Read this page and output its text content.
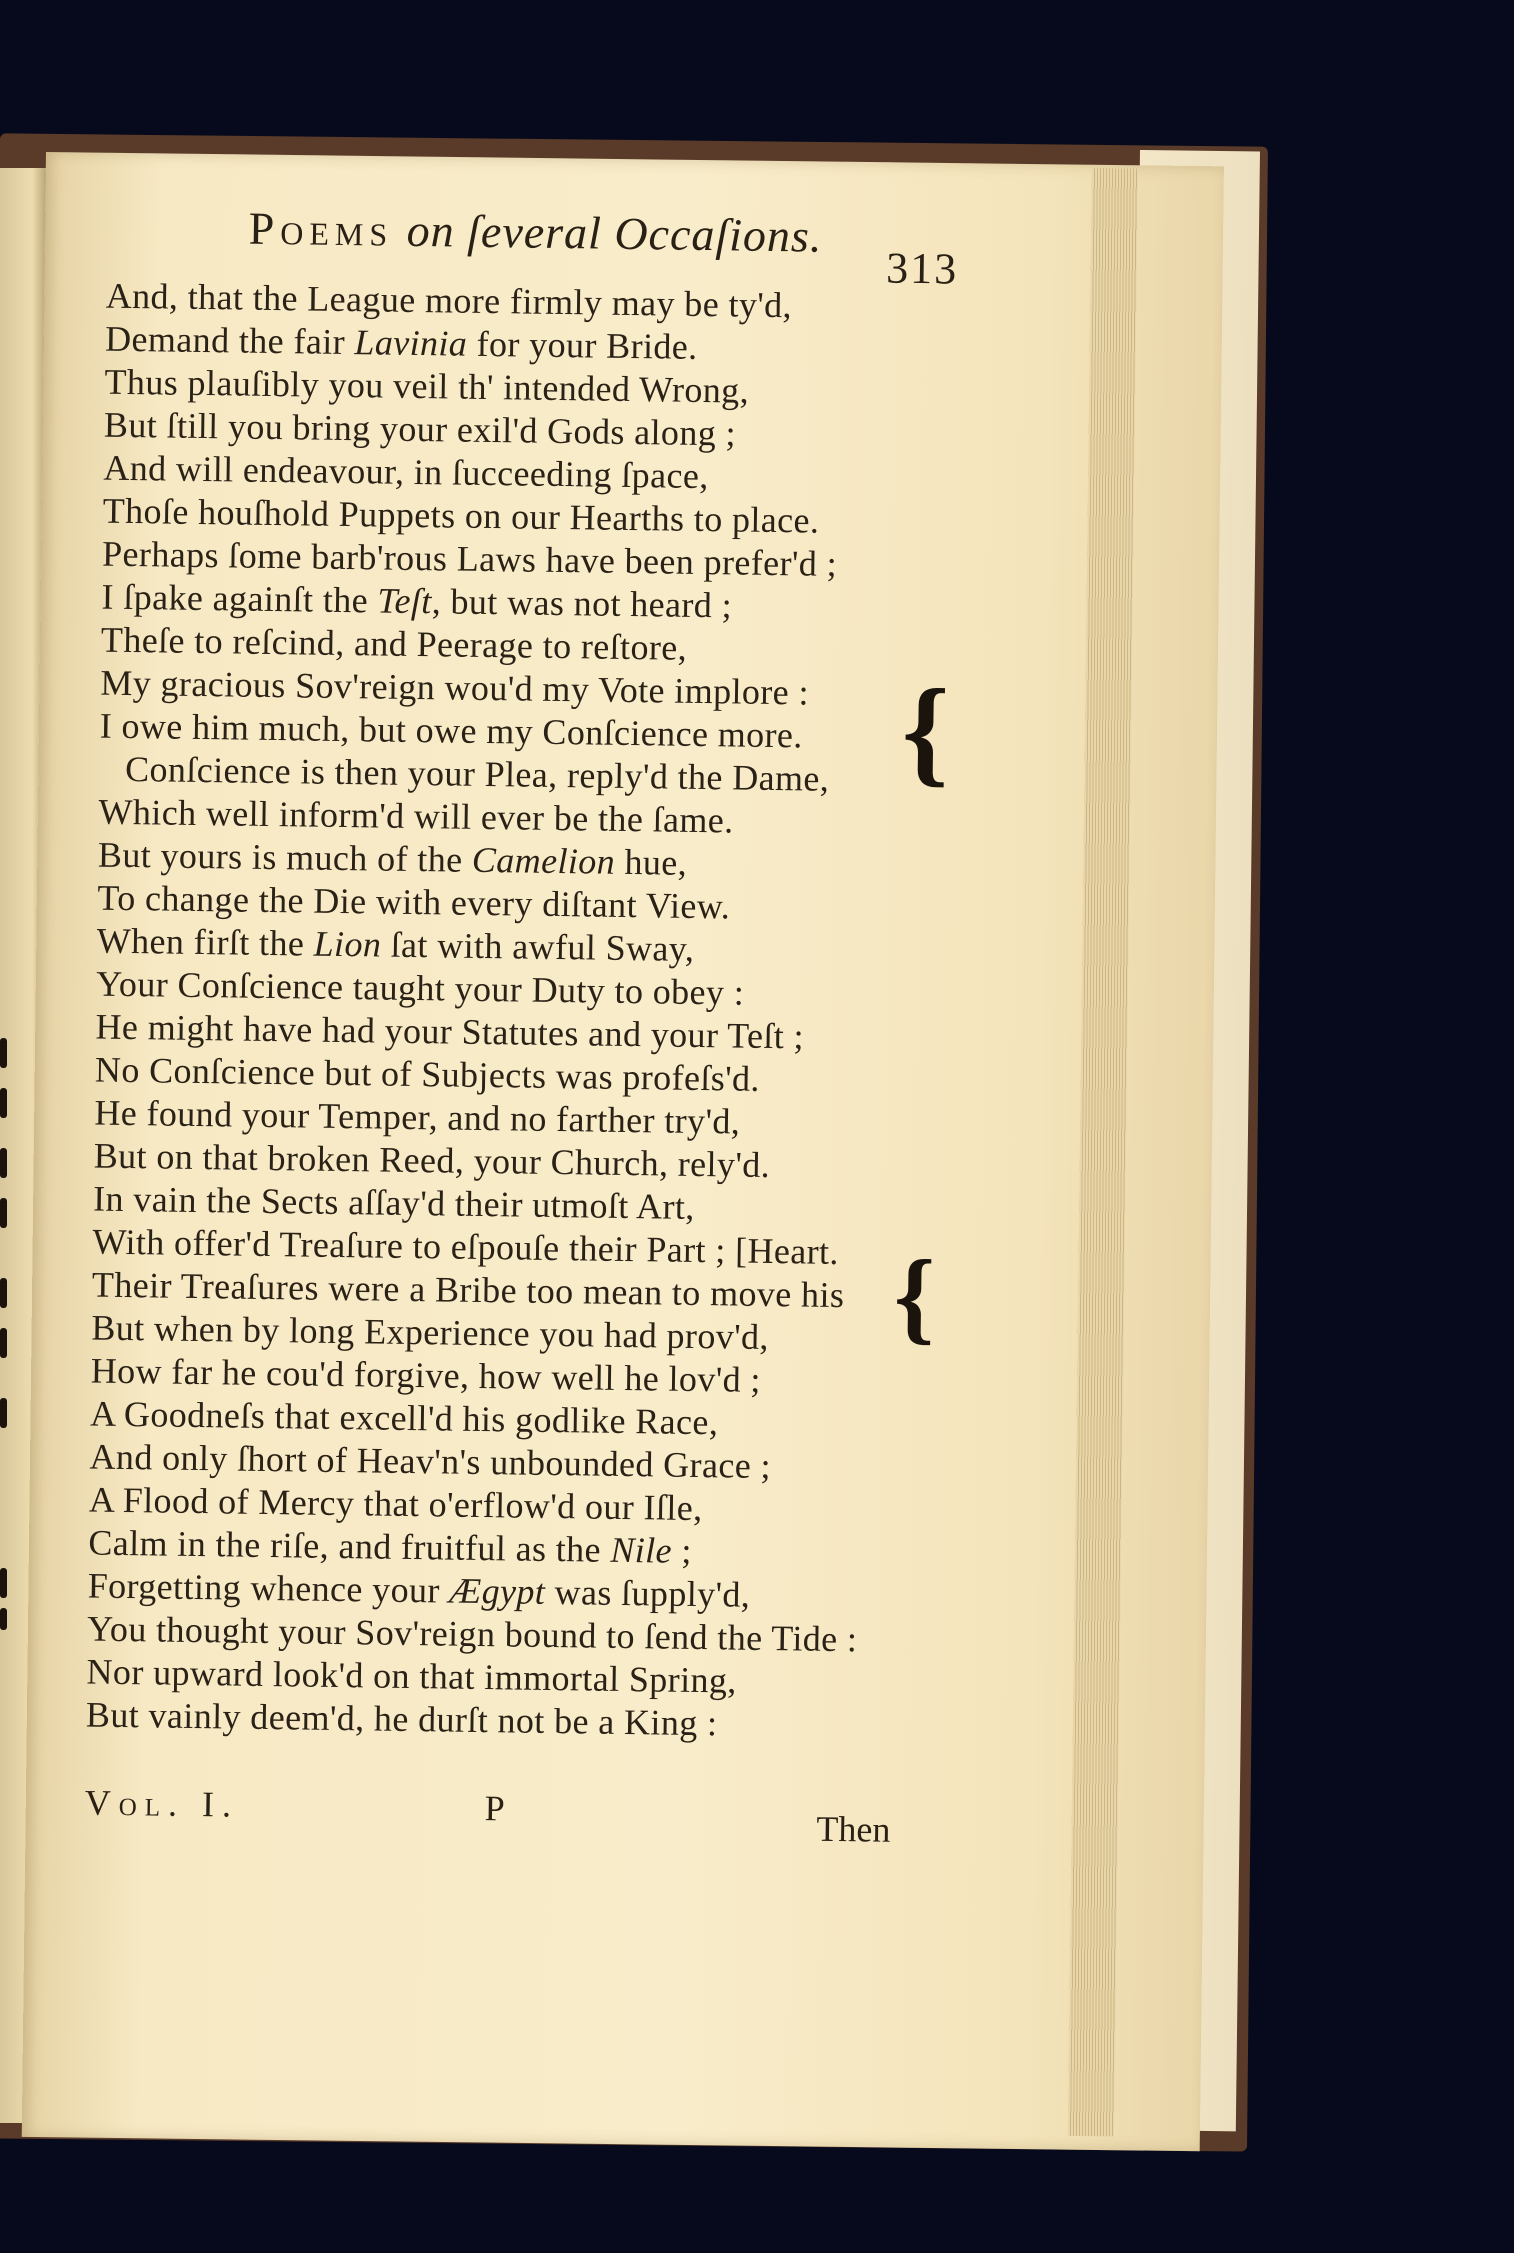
Poems on ſeveral Occaſions.
313
And, that the League more firmly may be ty'd,
Demand the fair Lavinia for your Bride.
Thus plauſibly you veil th' intended Wrong,
But ſtill you bring your exil'd Gods along ;
And will endeavour, in ſucceeding ſpace,
Thoſe houſhold Puppets on our Hearths to place.
Perhaps ſome barb'rous Laws have been prefer'd ;
I ſpake againſt the Teſt, but was not heard ;
Theſe to reſcind, and Peerage to reſtore,
My gracious Sov'reign wou'd my Vote implore :
I owe him much, but owe my Conſcience more.
Conſcience is then your Plea, reply'd the Dame,
Which well inform'd will ever be the ſame.
But yours is much of the Camelion hue,
To change the Die with every diſtant View.
When firſt the Lion ſat with awful Sway,
Your Conſcience taught your Duty to obey :
He might have had your Statutes and your Teſt ;
No Conſcience but of Subjects was profeſs'd.
He found your Temper, and no farther try'd,
But on that broken Reed, your Church, rely'd.
In vain the Sects aſſay'd their utmoſt Art,
With offer'd Treaſure to eſpouſe their Part ; [Heart.
Their Treaſures were a Bribe too mean to move his
But when by long Experience you had prov'd,
How far he cou'd forgive, how well he lov'd ;
A Goodneſs that excell'd his godlike Race,
And only ſhort of Heav'n's unbounded Grace ;
A Flood of Mercy that o'erflow'd our Iſle,
Calm in the riſe, and fruitful as the Nile ;
Forgetting whence your Ægypt was ſupply'd,
You thought your Sov'reign bound to ſend the Tide :
Nor upward look'd on that immortal Spring,
But vainly deem'd, he durſt not be a King :
{
{
Vol. I.	P
Then
